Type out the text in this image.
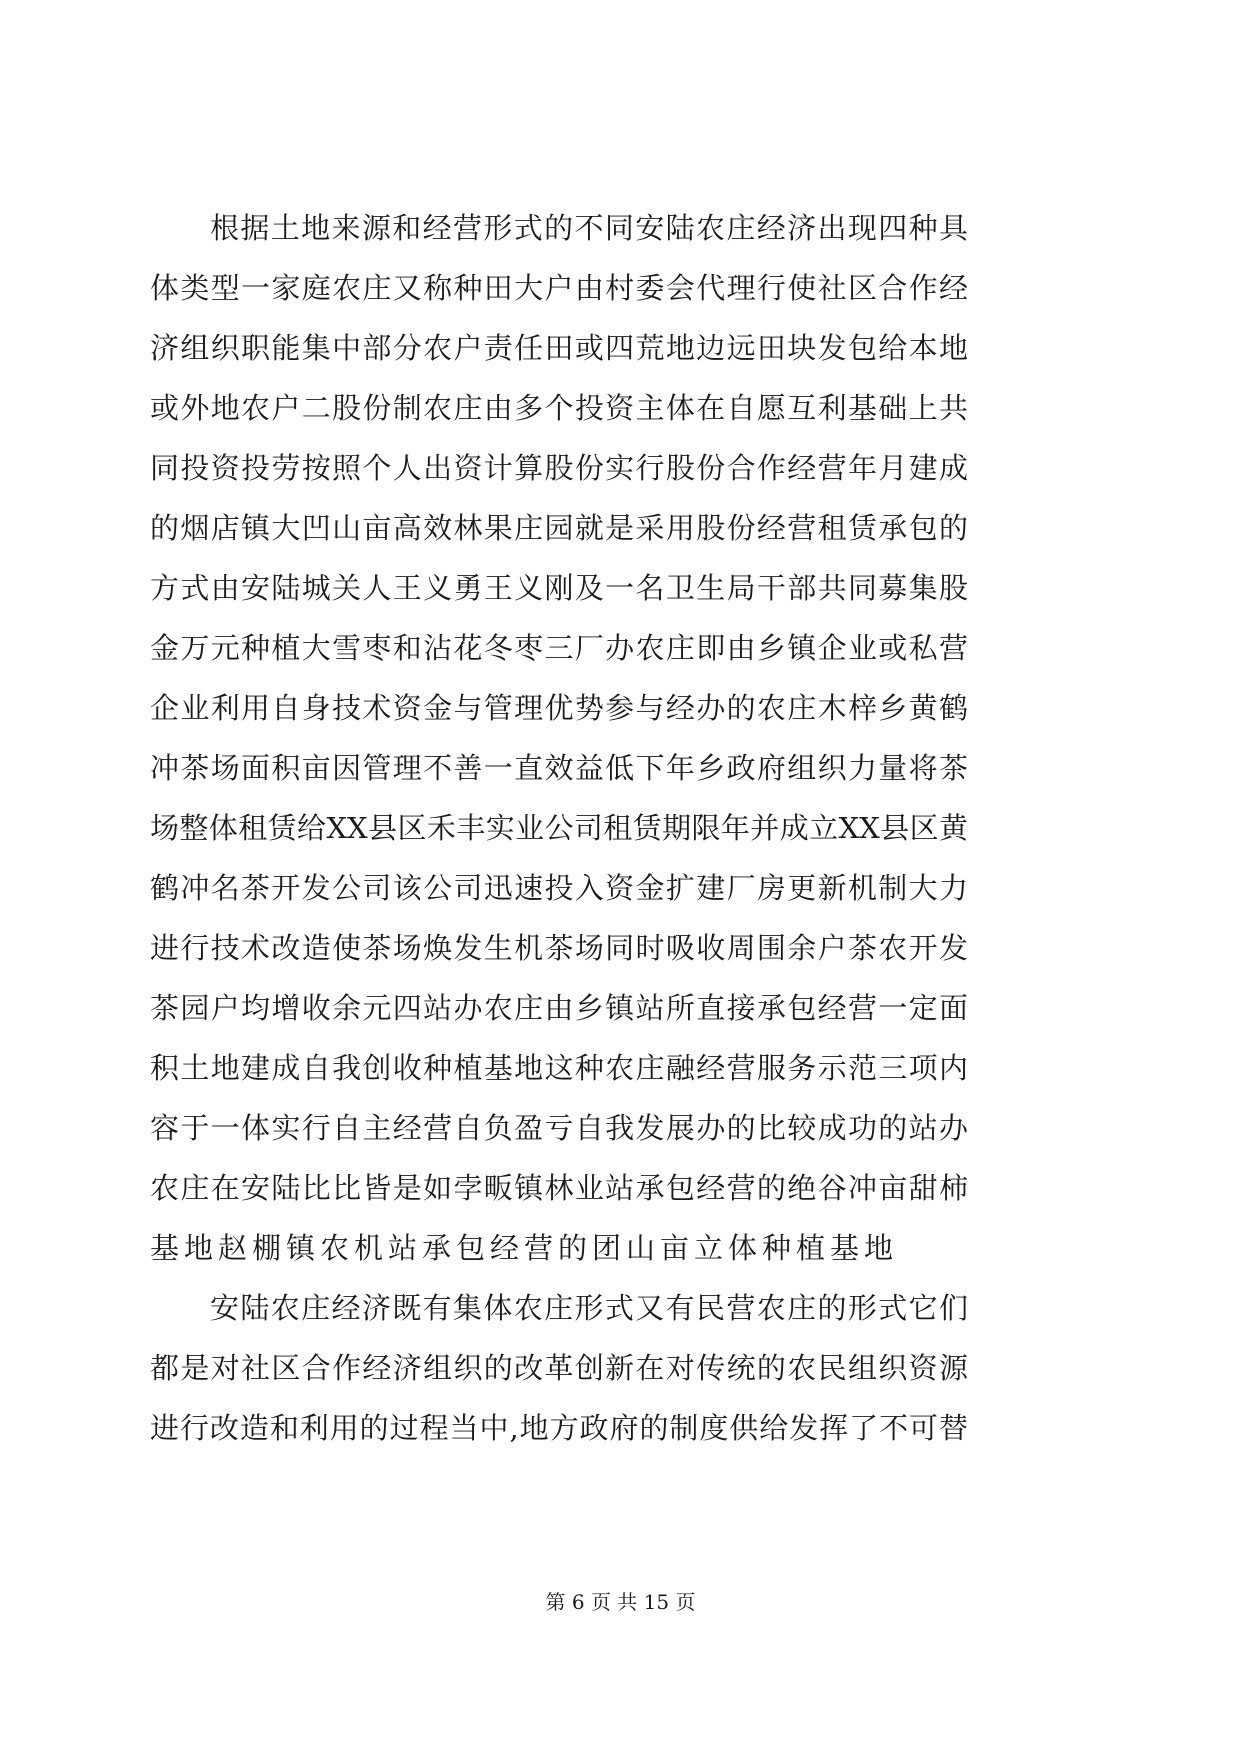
根据土地来源和经营形式的不同安陆农庄经济出现四种具
体类型一家庭农庄又称种田大户由村委会代理行使社区合作经
济组织职能集中部分农户责任田或四荒地边远田块发包给本地
或外地农户二股份制农庄由多个投资主体在自愿互利基础上共
同投资投劳按照个人出资计算股份实行股份合作经营年月建成
的烟店镇大凹山亩高效林果庄园就是采用股份经营租赁承包的
方式由安陆城关人王义勇王义刚及一名卫生局干部共同募集股
金万元种植大雪枣和沾花冬枣三厂办农庄即由乡镇企业或私营
企业利用自身技术资金与管理优势参与经办的农庄木梓乡黄鹤
冲茶场面积亩因管理不善一直效益低下年乡政府组织力量将茶
场整体租赁给XX县区禾丰实业公司租赁期限年并成立XX县区黄
鹤冲名茶开发公司该公司迅速投入资金扩建厂房更新机制大力
进行技术改造使茶场焕发生机茶场同时吸收周围余户茶农开发
茶园户均增收余元四站办农庄由乡镇站所直接承包经营一定面
积土地建成自我创收种植基地这种农庄融经营服务示范三项内
容于一体实行自主经营自负盈亏自我发展办的比较成功的站办
农庄在安陆比比皆是如孛畈镇林业站承包经营的绝谷冲亩甜柿
基地赵棚镇农机站承包经营的团山亩立体种植基地
安陆农庄经济既有集体农庄形式又有民营农庄的形式它们
都是对社区合作经济组织的改革创新在对传统的农民组织资源
进行改造和利用的过程当中,地方政府的制度供给发挥了不可替
第 6 页 共 15 页
